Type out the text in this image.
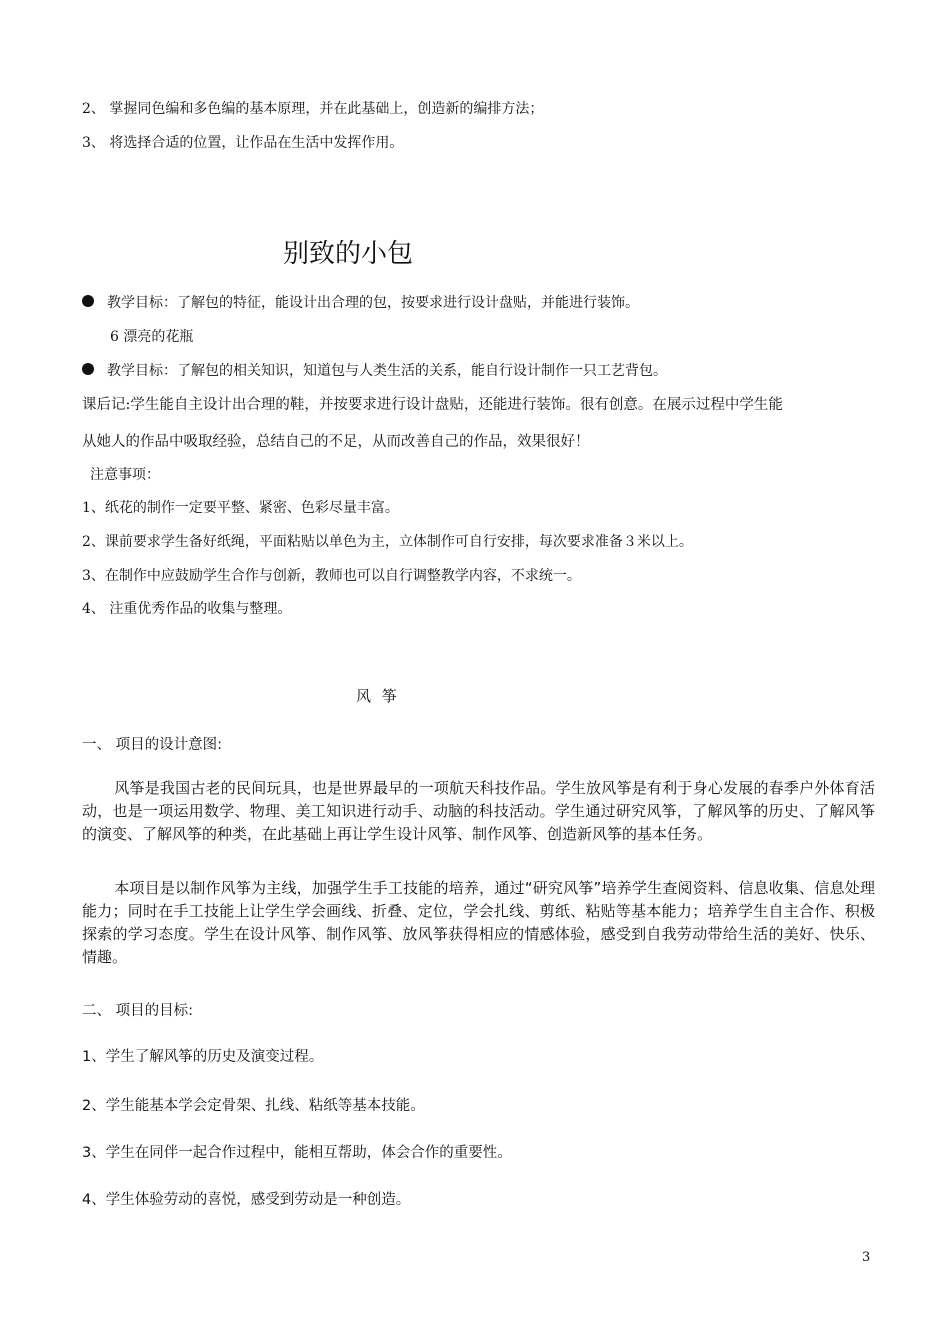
2、 掌握同色编和多色编的基本原理，并在此基础上，创造新的编排方法；
3、 将选择合适的位置，让作品在生活中发挥作用。
别致的小包
教学目标：了解包的特征，能设计出合理的包，按要求进行设计盘贴，并能进行装饰。
6 漂亮的花瓶
教学目标：了解包的相关知识，知道包与人类生活的关系，能自行设计制作一只工艺背包。
课后记:学生能自主设计出合理的鞋，并按要求进行设计盘贴，还能进行装饰。很有创意。在展示过程中学生能
从她人的作品中吸取经验，总结自己的不足，从而改善自己的作品，效果很好！
注意事项：
1、纸花的制作一定要平整、紧密、色彩尽量丰富。
2、课前要求学生备好纸绳，平面粘贴以单色为主，立体制作可自行安排，每次要求准备３米以上。
3、在制作中应鼓励学生合作与创新，教师也可以自行调整教学内容，不求统一。
4、 注重优秀作品的收集与整理。
风 筝
一、 项目的设计意图:
风筝是我国古老的民间玩具，也是世界最早的一项航天科技作品。学生放风筝是有利于身心发展的春季户外体育活动，也是一项运用数学、物理、美工知识进行动手、动脑的科技活动。学生通过研究风筝，了解风筝的历史、了解风筝的演变、了解风筝的种类，在此基础上再让学生设计风筝、制作风筝、创造新风筝的基本任务。
本项目是以制作风筝为主线，加强学生手工技能的培养，通过“研究风筝”培养学生查阅资料、信息收集、信息处理能力；同时在手工技能上让学生学会画线、折叠、定位，学会扎线、剪纸、粘贴等基本能力；培养学生自主合作、积极探索的学习态度。学生在设计风筝、制作风筝、放风筝获得相应的情感体验，感受到自我劳动带给生活的美好、快乐、情趣。
二、 项目的目标:
1、学生了解风筝的历史及演变过程。
2、学生能基本学会定骨架、扎线、粘纸等基本技能。
3、学生在同伴一起合作过程中，能相互帮助，体会合作的重要性。
4、学生体验劳动的喜悦，感受到劳动是一种创造。
3
